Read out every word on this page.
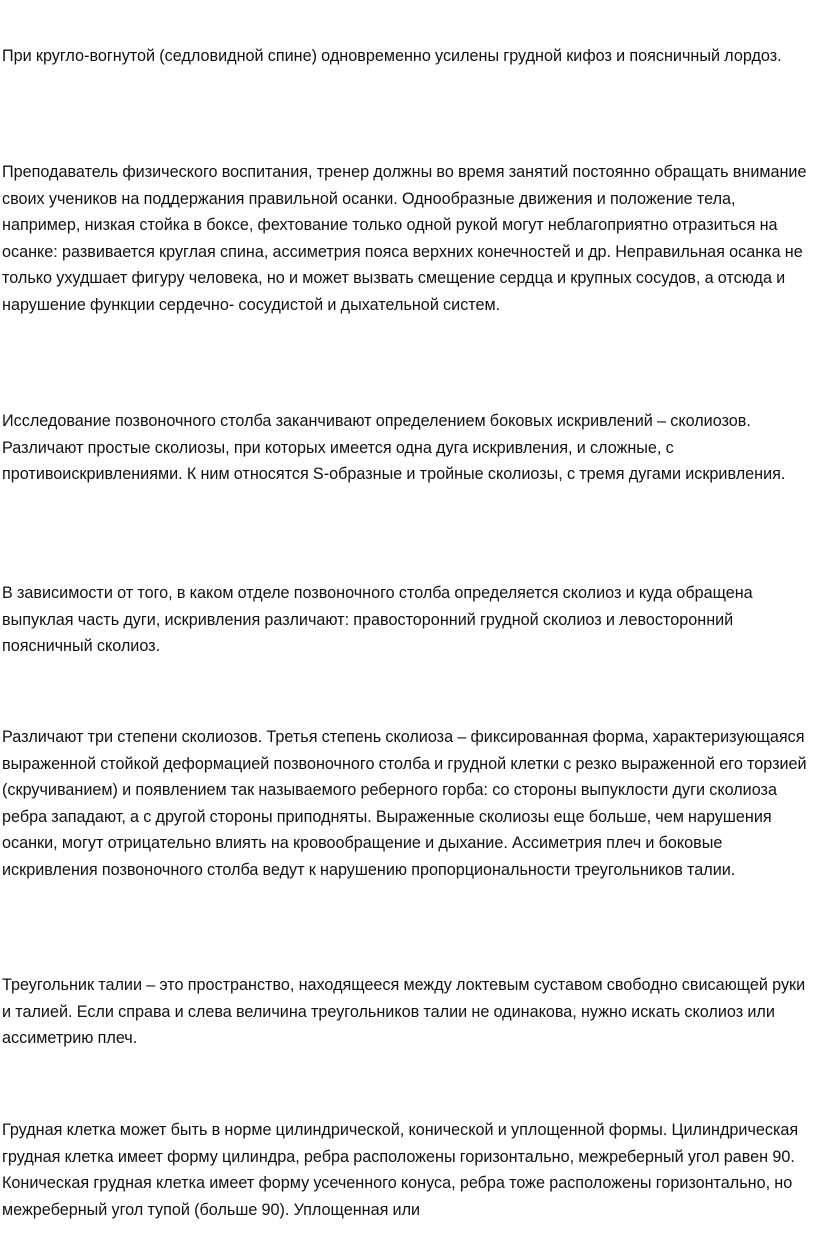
При кругло-вогнутой (седловидной спине) одновременно усилены грудной кифоз и поясничный лордоз.

Преподаватель физического воспитания, тренер должны во время занятий постоянно обращать внимание своих учеников на поддержания правильной осанки. Однообразные движения и положение тела, например, низкая стойка в боксе, фехтование только одной рукой могут неблагоприятно отразиться на осанке: развивается круглая спина, ассиметрия пояса верхних конечностей и др. Неправильная осанка не только ухудшает фигуру человека, но и может вызвать смещение сердца и крупных сосудов, а отсюда и нарушение функции сердечно- сосудистой и дыхательной систем.

Исследование позвоночного столба заканчивают определением боковых искривлений – сколиозов. Различают простые сколиозы, при которых имеется одна дуга искривления, и сложные, с противоискривлениями. К ним относятся S-образные и тройные сколиозы, с тремя дугами искривления.

В зависимости от того, в каком отделе позвоночного столба определяется сколиоз и куда обращена выпуклая часть дуги, искривления различают: правосторонний грудной сколиоз и левосторонний поясничный сколиоз.

Различают три степени сколиозов. Третья степень сколиоза – фиксированная форма, характеризующаяся выраженной стойкой деформацией позвоночного столба и грудной клетки с резко выраженной его торзией (скручиванием) и появлением так называемого реберного горба: со стороны выпуклости дуги сколиоза ребра западают, а с другой стороны приподняты. Выраженные сколиозы еще больше, чем нарушения осанки, могут отрицательно влиять на кровообращение и дыхание. Ассиметрия плеч и боковые искривления позвоночного столба ведут к нарушению пропорциональности треугольников талии.

Треугольник талии – это пространство, находящееся между локтевым суставом свободно свисающей руки и талией. Если справа и слева величина треугольников талии не одинакова, нужно искать сколиоз или ассиметрию плеч.

Грудная клетка может быть в норме цилиндрической, конической и уплощенной формы. Цилиндрическая грудная клетка имеет форму цилиндра, ребра расположены горизонтально, межреберный угол равен 90. Коническая грудная клетка имеет форму усеченного конуса, ребра тоже расположены горизонтально, но межреберный угол тупой (больше 90). Уплощенная или
